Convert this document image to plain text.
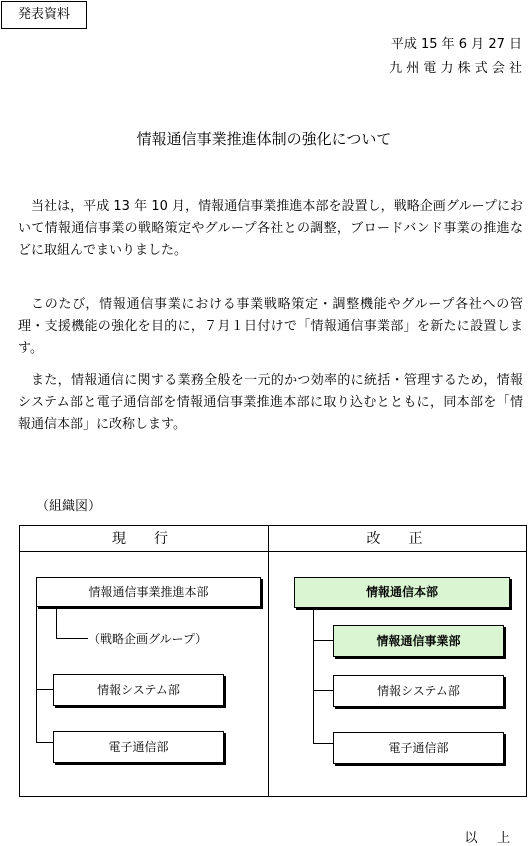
発表資料
平成 15 年 6 月 27 日
九 州 電 力 株 式 会 社
情報通信事業推進体制の強化について

当社は，平成 13 年 10 月，情報通信事業推進本部を設置し，戦略企画グループにおいて情報通信事業の戦略策定やグループ各社との調整，ブロードバンド事業の推進などに取組んでまいりました。

このたび，情報通信事業における事業戦略策定・調整機能やグループ各社への管理・支援機能の強化を目的に，７月１日付けで「情報通信事業部」を新たに設置します。

また，情報通信に関する業務全般を一元的かつ効率的に統括・管理するため，情報システム部と電子通信部を情報通信事業推進本部に取り込むとともに，同本部を「情報通信本部」に改称します。

（組織図）
現　行	改　正
情報通信事業推進本部
（戦略企画グループ）
情報システム部
電子通信部
情報通信本部
情報通信事業部
情報システム部
電子通信部
以 上
